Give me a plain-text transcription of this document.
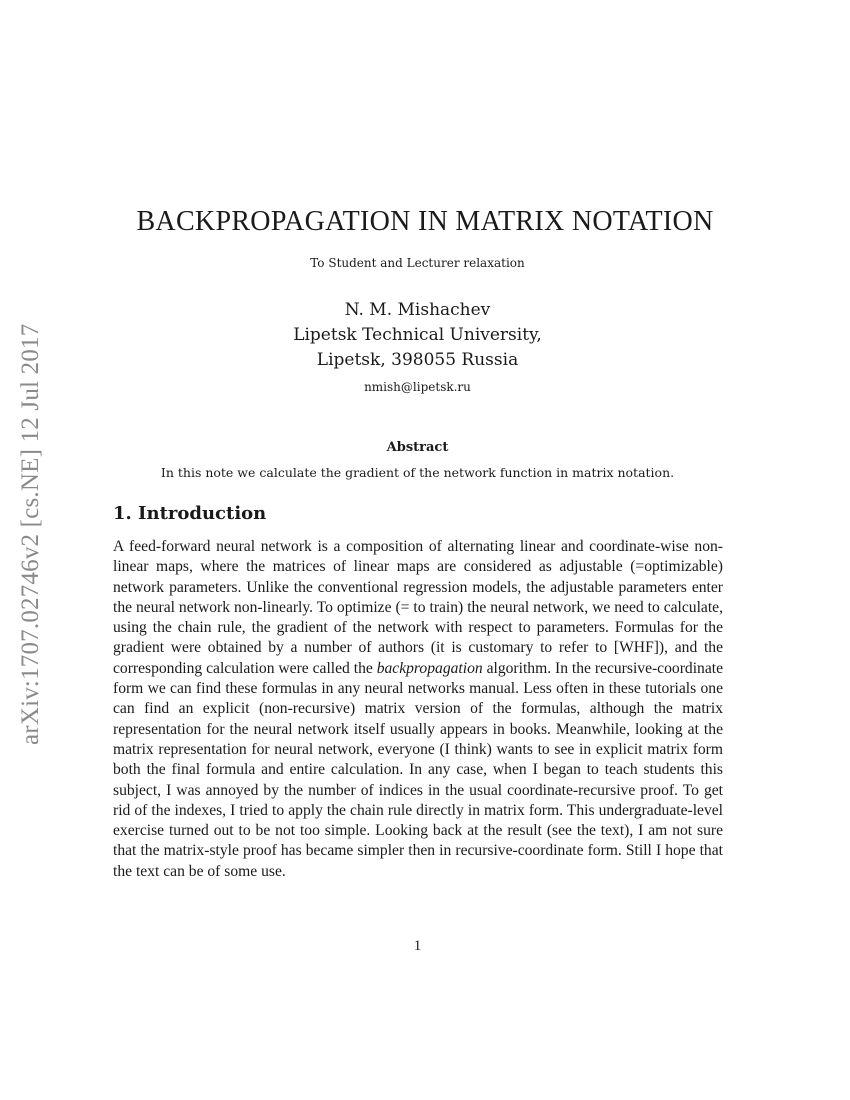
arXiv:1707.02746v2 [cs.NE] 12 Jul 2017
BACKPROPAGATION IN MATRIX NOTATION
To Student and Lecturer relaxation
N. M. Mishachev
Lipetsk Technical University,
Lipetsk, 398055 Russia
nmish@lipetsk.ru
Abstract
In this note we calculate the gradient of the network function in matrix notation.
1. Introduction

A feed-forward neural network is a composition of alternating linear and coordinate-wise non-linear maps, where the matrices of linear maps are considered as adjustable (=optimizable) network parameters. Unlike the conventional regression models, the adjustable parameters enter the neural network non-linearly. To optimize (= to train) the neural network, we need to calculate, using the chain rule, the gradient of the network with respect to parameters. Formulas for the gradient were obtained by a number of authors (it is customary to refer to [WHF]), and the corresponding calculation were called the backpropagation algorithm. In the recursive-coordinate form we can find these formulas in any neural networks manual. Less often in these tutorials one can find an explicit (non-recursive) matrix version of the formulas, although the matrix representation for the neural network itself usually appears in books. Meanwhile, looking at the matrix representation for neural network, everyone (I think) wants to see in explicit matrix form both the final formula and entire calculation. In any case, when I began to teach students this subject, I was annoyed by the number of indices in the usual coordinate-recursive proof. To get rid of the indexes, I tried to apply the chain rule directly in matrix form. This undergraduate-level exercise turned out to be not too simple. Looking back at the result (see the text), I am not sure that the matrix-style proof has became simpler then in recursive-coordinate form. Still I hope that the text can be of some use.

1
